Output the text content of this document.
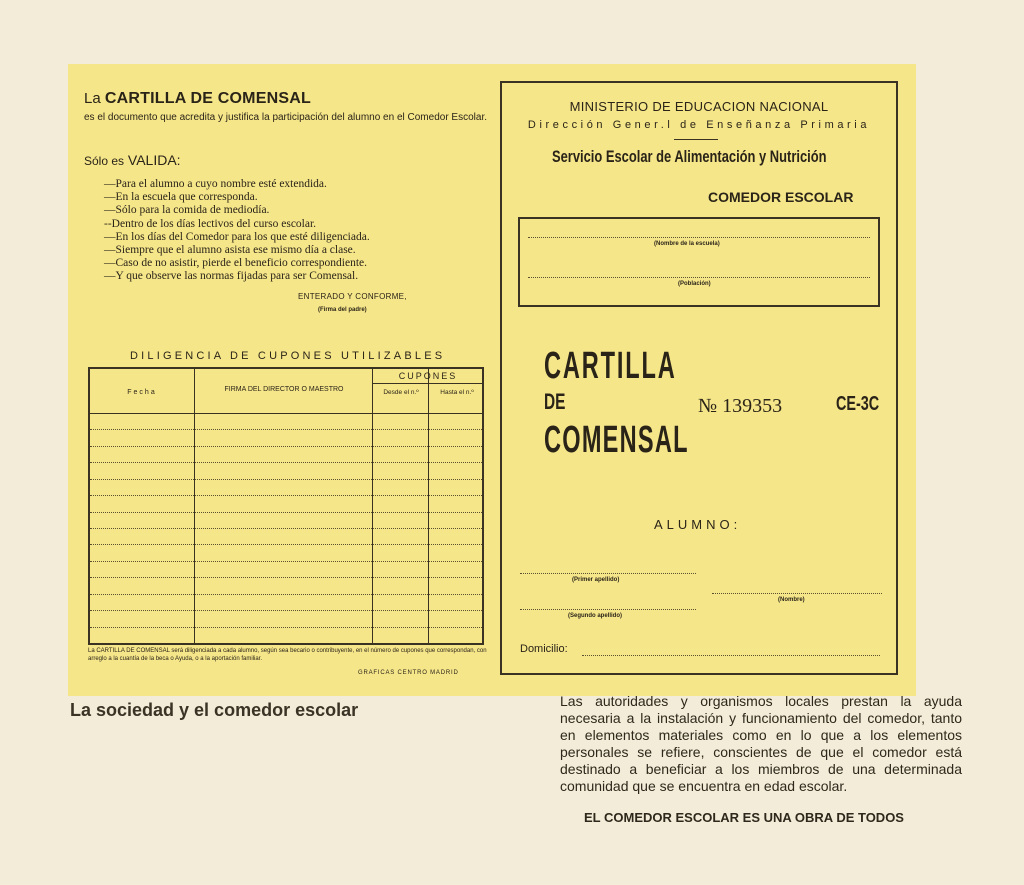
La CARTILLA DE COMENSAL
es el documento que acredita y justifica la participación del alumno en el Comedor Escolar.
Sólo es VALIDA:
—Para el alumno a cuyo nombre esté extendida.
—En la escuela que corresponda.
—Sólo para la comida de mediodía.
--Dentro de los días lectivos del curso escolar.
—En los días del Comedor para los que esté diligenciada.
—Siempre que el alumno asista ese mismo día a clase.
—Caso de no asistir, pierde el beneficio correspondiente.
—Y que observe las normas fijadas para ser Comensal.
ENTERADO Y CONFORME,
(Firma del padre)
DILIGENCIA DE CUPONES UTILIZABLES
Fecha	FIRMA DEL DIRECTOR O MAESTRO
CUPONES
Desde el n.º	Hasta el n.º
La CARTILLA DE COMENSAL será diligenciada a cada alumno, según sea becario o contribuyente, en el número de cupones que correspondan, con arreglo a la cuantía de la beca o Ayuda, o a la aportación familiar.
GRAFICAS CENTRO MADRID
MINISTERIO DE EDUCACION NACIONAL
Dirección Gener.l de Enseñanza Primaria
Servicio Escolar de Alimentación y Nutrición
COMEDOR ESCOLAR
(Nombre de la escuela)
(Población)
CARTILLA
DE
COMENSAL
№ 139353	CE-3C
ALUMNO:
(Primer apellido)
(Nombre)
(Segundo apellido)
Domicilio:
La sociedad y el comedor escolar	Las autoridades y organismos locales prestan la ayuda necesaria a la instalación y funcionamiento del comedor, tanto en elementos materiales como en lo que a los elementos personales se refiere, conscientes de que el comedor está destinado a beneficiar a los miembros de una determinada comunidad que se encuentra en edad escolar.
EL COMEDOR ESCOLAR ES UNA OBRA DE TODOS
